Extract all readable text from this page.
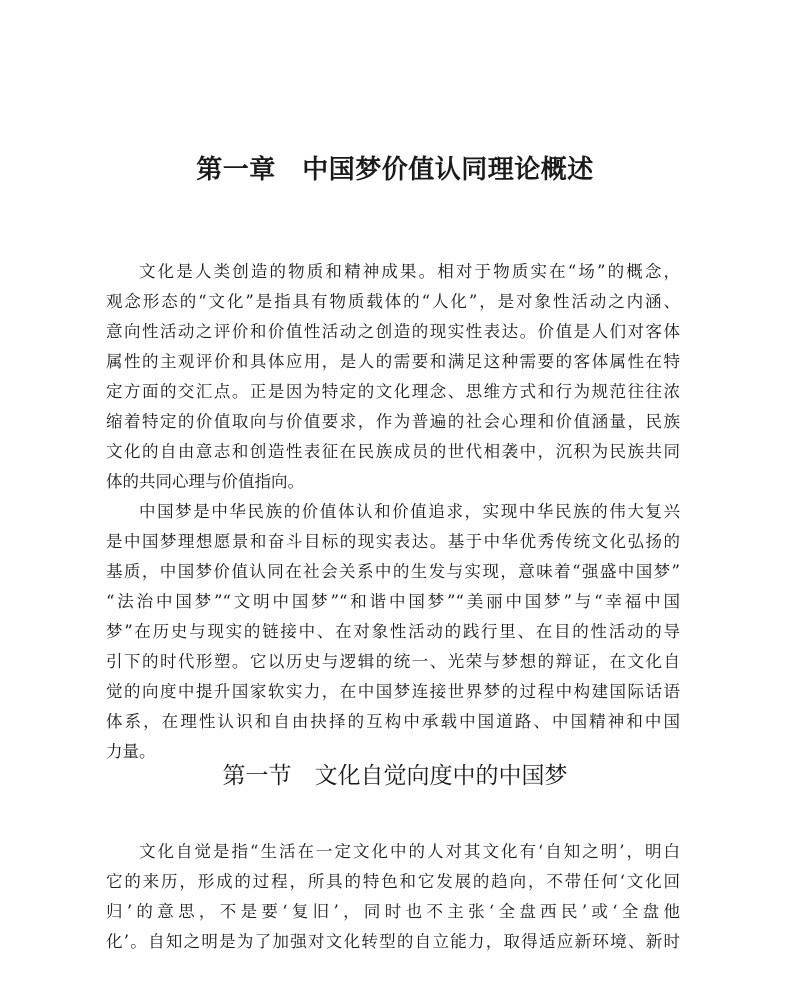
第一章　中国梦价值认同理论概述
文化是人类创造的物质和精神成果。相对于物质实在“场”的概念，
观念形态的“文化”是指具有物质载体的“人化”，是对象性活动之内涵、
意向性活动之评价和价值性活动之创造的现实性表达。价值是人们对客体
属性的主观评价和具体应用，是人的需要和满足这种需要的客体属性在特
定方面的交汇点。正是因为特定的文化理念、思维方式和行为规范往往浓
缩着特定的价值取向与价值要求，作为普遍的社会心理和价值涵量，民族
文化的自由意志和创造性表征在民族成员的世代相袭中，沉积为民族共同
体的共同心理与价值指向。
中国梦是中华民族的价值体认和价值追求，实现中华民族的伟大复兴
是中国梦理想愿景和奋斗目标的现实表达。基于中华优秀传统文化弘扬的
基质，中国梦价值认同在社会关系中的生发与实现，意味着“强盛中国梦”
“法治中国梦”“文明中国梦”“和谐中国梦”“美丽中国梦”与“幸福中国
梦”在历史与现实的链接中、在对象性活动的践行里、在目的性活动的导
引下的时代形塑。它以历史与逻辑的统一、光荣与梦想的辩证，在文化自
觉的向度中提升国家软实力，在中国梦连接世界梦的过程中构建国际话语
体系，在理性认识和自由抉择的互构中承载中国道路、中国精神和中国
力量。
第一节　文化自觉向度中的中国梦
文化自觉是指“生活在一定文化中的人对其文化有‘自知之明’，明白
它的来历，形成的过程，所具的特色和它发展的趋向，不带任何‘文化回
归’的意思，不是要‘复旧’，同时也不主张‘全盘西民’或‘全盘他
化’。自知之明是为了加强对文化转型的自立能力，取得适应新环境、新时
